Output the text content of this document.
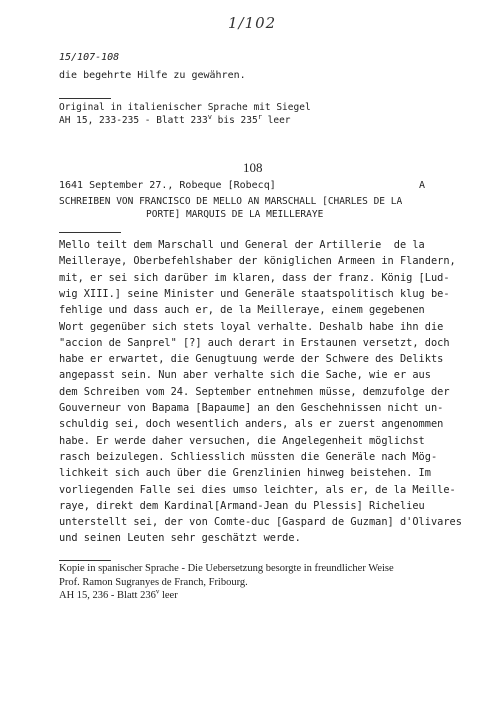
1/102
15/107-108
die begehrte Hilfe zu gewähren.
Original in italienischer Sprache mit Siegel
AH 15, 233-235 - Blatt 233$^v$ bis 235$^r$ leer
108
1641 September 27., Robeque [Robecq]	A
SCHREIBEN VON FRANCISCO DE MELLO AN MARSCHALL [CHARLES DE LA
PORTE] MARQUIS DE LA MEILLERAYE

Mello teilt dem Marschall und General der Artillerie  de la

Meilleraye, Oberbefehlshaber der königlichen Armeen in Flandern,

mit, er sei sich darüber im klaren, dass der franz. König [Lud-

wig XIII.] seine Minister und Generäle staatspolitisch klug be-

fehlige und dass auch er, de la Meilleraye, einem gegebenen

Wort gegenüber sich stets loyal verhalte. Deshalb habe ihn die

"accion de Sanprel" [?] auch derart in Erstaunen versetzt, doch

habe er erwartet, die Genugtuung werde der Schwere des Delikts

angepasst sein. Nun aber verhalte sich die Sache, wie er aus

dem Schreiben vom 24. September entnehmen müsse, demzufolge der

Gouverneur von Bapama [Bapaume] an den Geschehnissen nicht un-

schuldig sei, doch wesentlich anders, als er zuerst angenommen

habe. Er werde daher versuchen, die Angelegenheit möglichst

rasch beizulegen. Schliesslich müssten die Generäle nach Mög-

lichkeit sich auch über die Grenzlinien hinweg beistehen. Im

vorliegenden Falle sei dies umso leichter, als er, de la Meille-

raye, direkt dem Kardinal[Armand-Jean du Plessis] Richelieu

unterstellt sei, der von Comte-duc [Gaspard de Guzman] d'Olivares

und seinen Leuten sehr geschätzt werde.

Kopie in spanischer Sprache - Die Uebersetzung besorgte in freundlicher Weise
Prof. Ramon Sugranyes de Franch, Fribourg.
AH 15, 236 - Blatt 236$^v$ leer
